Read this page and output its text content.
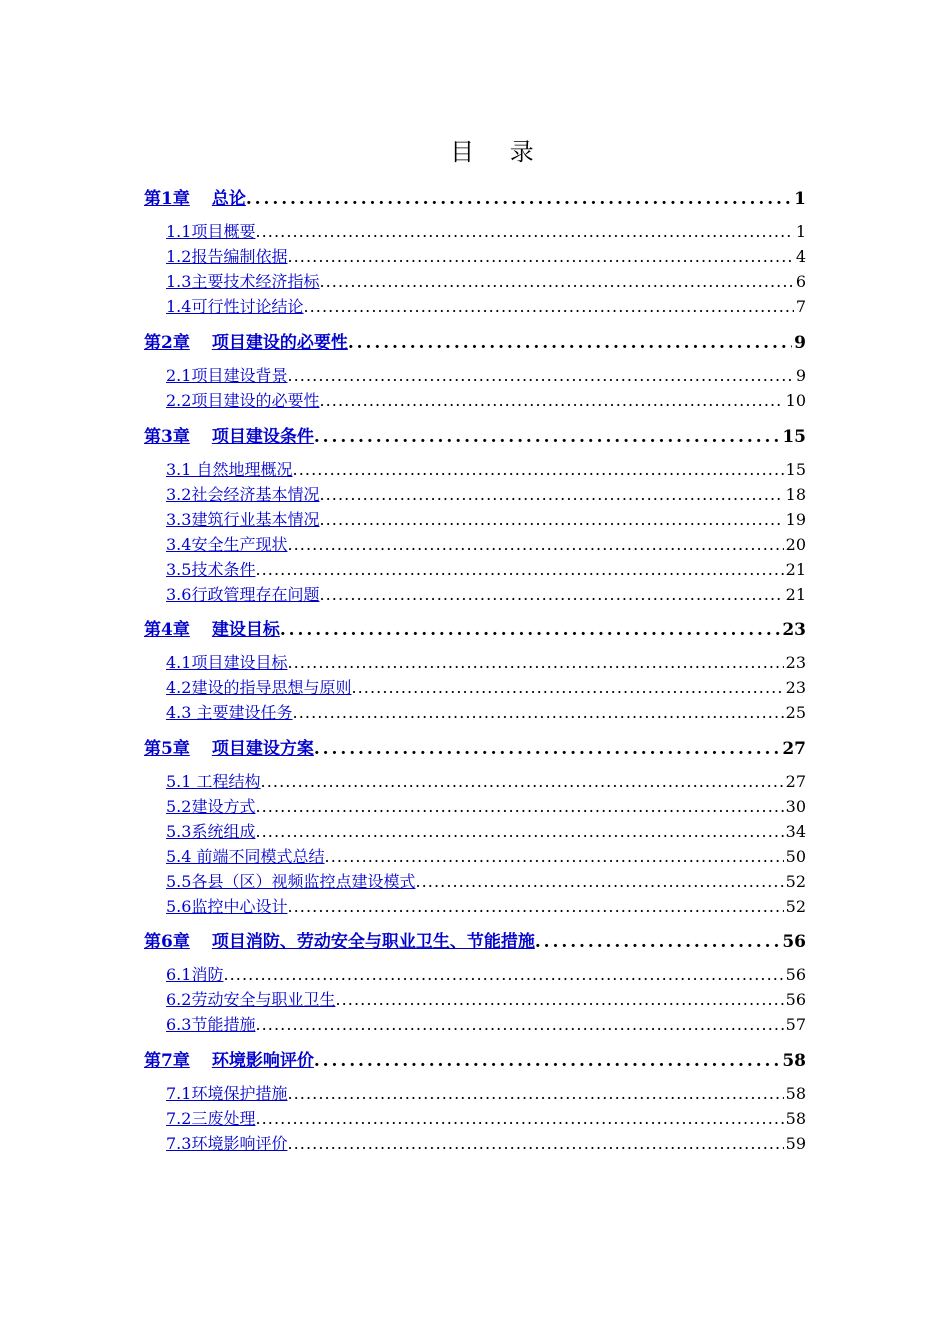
目 录
第1章 总论 . . .	1
1.1项目概要 . . .	1
1.2报告编制依据 . . .	4
1.3主要技术经济指标 . . .	6
1.4可行性讨论结论 . . .	7
第2章 项目建设的必要性 . . .	9
2.1项目建设背景 . . .	9
2.2项目建设的必要性 . . .	10
第3章 项目建设条件 . . .	15
3.1 自然地理概况 . . .	15
3.2社会经济基本情况 . . .	18
3.3建筑行业基本情况 . . .	19
3.4安全生产现状 . . .	20
3.5技术条件 . . .	21
3.6行政管理存在问题 . . .	21
第4章 建设目标 . . .	23
4.1项目建设目标 . . .	23
4.2建设的指导思想与原则 . . .	23
4.3 主要建设任务 . . .	25
第5章 项目建设方案 . . .	27
5.1 工程结构 . . .	27
5.2建设方式 . . .	30
5.3系统组成 . . .	34
5.4 前端不同模式总结 . . .	50
5.5各县（区）视频监控点建设模式 . . .	52
5.6监控中心设计 . . .	52
第6章 项目消防、劳动安全与职业卫生、节能措施 . . .	56
6.1消防 . . .	56
6.2劳动安全与职业卫生 . . .	56
6.3节能措施 . . .	57
第7章 环境影响评价 . . .	58
7.1环境保护措施 . . .	58
7.2三废处理 . . .	58
7.3环境影响评价 . . .	59
